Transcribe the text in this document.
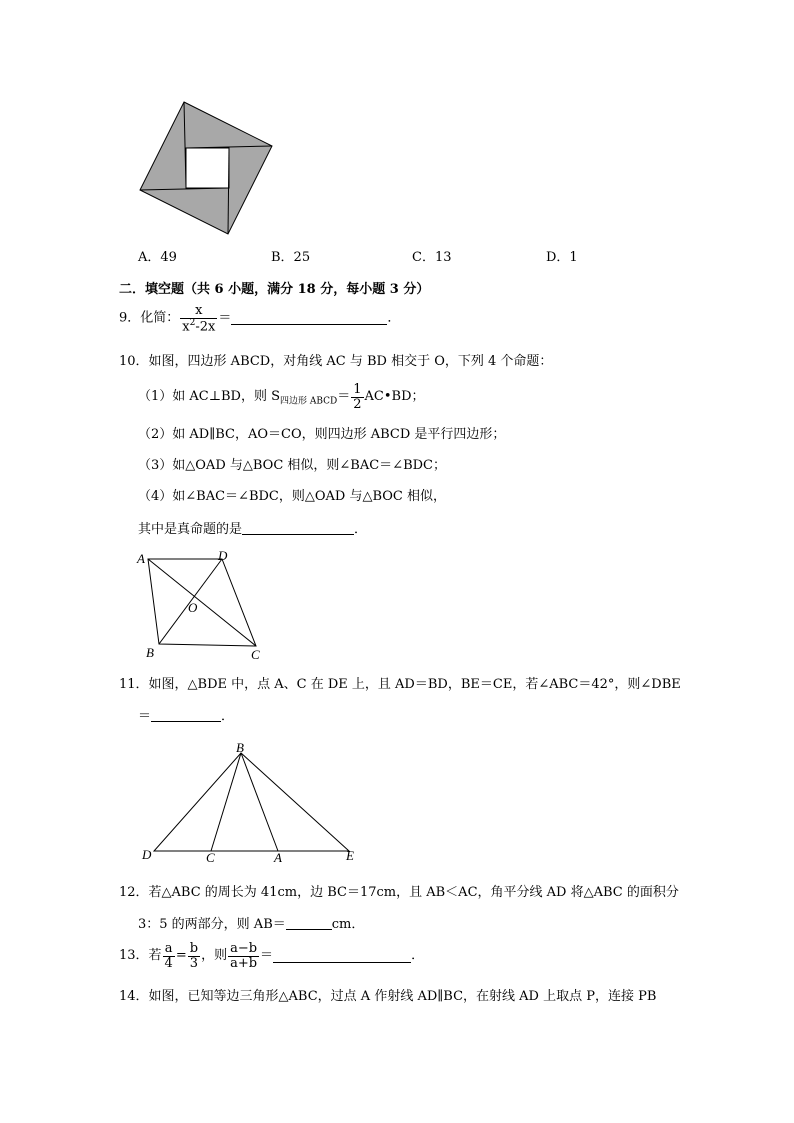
A．49	B．25	C．13	D．1
二．填空题（共 6 小题，满分 18 分，每小题 3 分）
9．化简： $\frac{x}{x^2-2x}$ ＝	．
10．如图，四边形 ABCD，对角线 AC 与 BD 相交于 O，下列 4 个命题：
（1）如 AC⊥BD，则 $S_{四边形 ABCD}= \frac{1}{2}$ AC•BD；
（2）如 AD∥BC，AO＝CO，则四边形 ABCD 是平行四边形；
（3）如△OAD 与△BOC 相似，则∠BAC＝∠BDC；
（4）如∠BAC＝∠BDC，则△OAD 与△BOC 相似，
其中是真命题的是	．
A	D
O
B	C
11．如图，△BDE 中，点 A、C 在 DE 上，且 AD＝BD，BE＝CE，若∠ABC＝42°，则∠DBE
＝	．
B
D	C	A	E
12．若△ABC 的周长为 41cm，边 BC＝17cm，且 AB＜AC，角平分线 AD 将△ABC 的面积分
3：5 的两部分，则 AB＝	cm．
13．若 $\frac{a}{4} = \frac{b}{3}$ ，则 $\frac{a-b}{a+b}$ ＝	．
14．如图，已知等边三角形△ABC，过点 A 作射线 AD∥BC，在射线 AD 上取点 P，连接 PB
